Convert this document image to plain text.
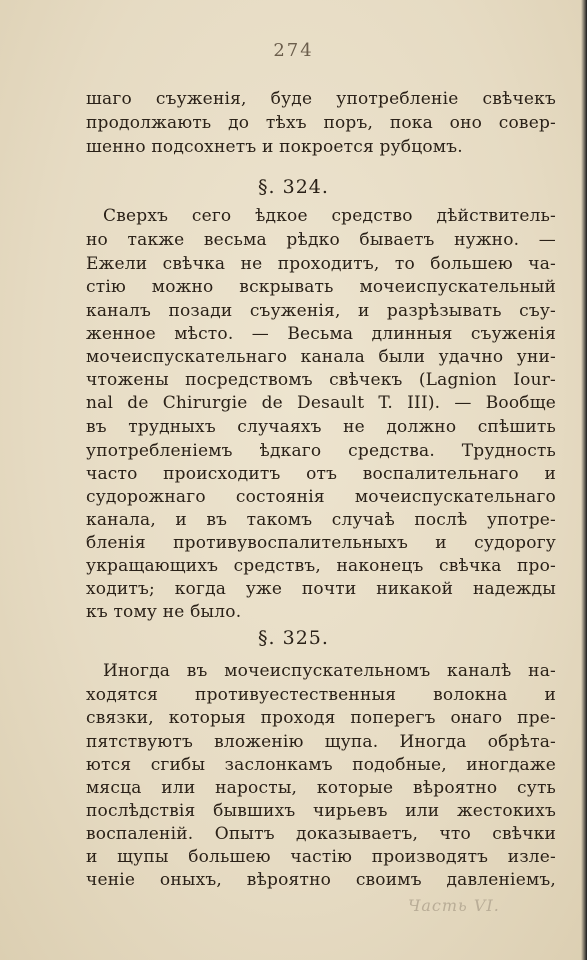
274
шаго съуженія, буде употребленіе свѣчекъ
продолжають до тѣхъ поръ, пока оно совер-
шенно подсохнетъ и покроется рубцомъ.
§. 324.
Сверхъ сего ѣдкое средство дѣйствитель-
но также весьма рѣдко бываетъ нужно. —
Ежели свѣчка не проходитъ, то большею ча-
стію можно вскрывать мочеиспускательный
каналъ позади съуженія, и разрѣзывать съу-
женное мѣсто. — Весьма длинныя съуженія
мочеиспускательнаго канала были удачно уни-
чтожены посредствомъ свѣчекъ (Lagnion Iour-
nal de Chirurgie de Desault T. III). — Вообще
въ трудныхъ случаяхъ не должно спѣшить
употребленіемъ ѣдкаго средства. Трудность
часто происходитъ отъ воспалительнаго и
судорожнаго состоянія мочеиспускательнаго
канала, и въ такомъ случаѣ послѣ употре-
бленія противувоспалительныхъ и судорогу
укращающихъ средствъ, наконецъ свѣчка про-
ходитъ; когда уже почти никакой надежды
къ тому не было.
§. 325.
Иногда въ мочеиспускательномъ каналѣ на-
ходятся противуестественныя волокна и
связки, которыя проходя поперегъ онаго пре-
пятствуютъ вложенію щупа. Иногда обрѣта-
ются сгибы заслонкамъ подобные, иногдаже
мясца или наросты, которые вѣроятно суть
послѣдствія бывшихъ чирьевъ или жестокихъ
воспаленій. Опытъ доказываетъ, что свѣчки
и щупы большею частію производятъ изле-
ченіе оныхъ, вѣроятно своимъ давленіемъ,
Часть VI.
